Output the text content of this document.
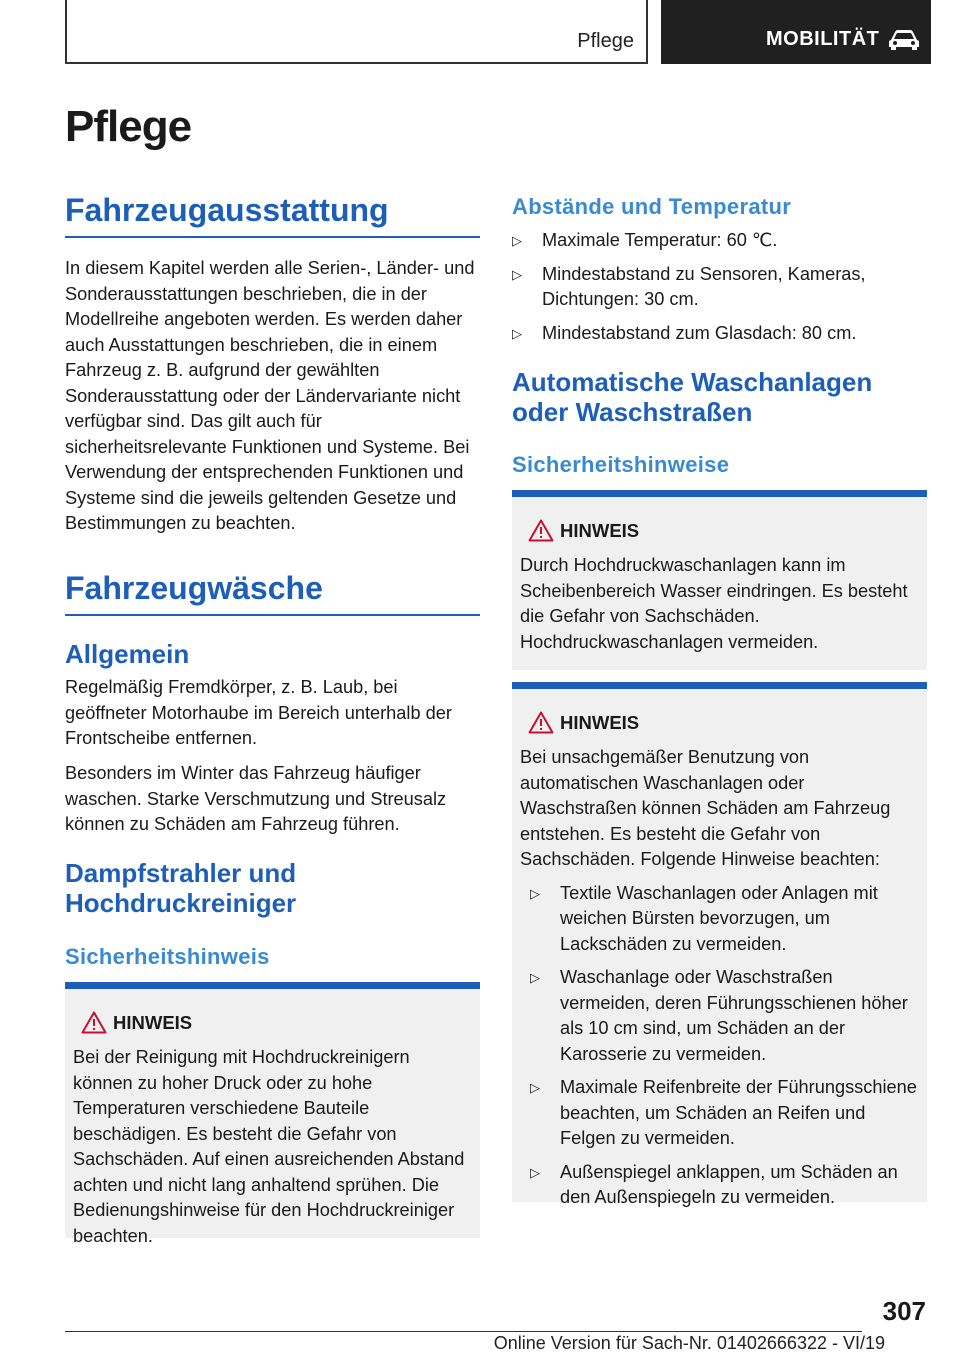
Pflege	MOBILITÄT
Pflege
Fahrzeugausstattung

In diesem Kapitel werden alle Serien-, Länder- und Sonderausstattungen beschrieben, die in der Modellreihe angeboten werden. Es werden daher auch Ausstattungen beschrieben, die in einem Fahrzeug z. B. aufgrund der gewählten Sonderausstattung oder der Ländervariante nicht verfügbar sind. Das gilt auch für sicherheitsrelevante Funktionen und Systeme. Bei Verwendung der entsprechenden Funktionen und Systeme sind die jeweils geltenden Gesetze und Bestimmungen zu beachten.

Fahrzeugwäsche
Allgemein

Regelmäßig Fremdkörper, z. B. Laub, bei geöffneter Motorhaube im Bereich unterhalb der Frontscheibe entfernen.

Besonders im Winter das Fahrzeug häufiger waschen. Starke Verschmutzung und Streusalz können zu Schäden am Fahrzeug führen.

Dampfstrahler und Hochdruckreiniger
Sicherheitshinweis
HINWEIS

Bei der Reinigung mit Hochdruckreinigern können zu hoher Druck oder zu hohe Temperaturen verschiedene Bauteile beschädigen. Es besteht die Gefahr von Sachschäden. Auf einen ausreichenden Abstand achten und nicht lang anhaltend sprühen. Die Bedienungshinweise für den Hochdruckreiniger beachten.

Abstände und Temperatur
▷ Maximale Temperatur: 60 ℃.
▷ Mindestabstand zu Sensoren, Kameras, Dichtungen: 30 cm.
▷ Mindestabstand zum Glasdach: 80 cm.
Automatische Waschanlagen oder Waschstraßen
Sicherheitshinweise
HINWEIS

Durch Hochdruckwaschanlagen kann im Scheibenbereich Wasser eindringen. Es besteht die Gefahr von Sachschäden. Hochdruckwaschanlagen vermeiden.

HINWEIS

Bei unsachgemäßer Benutzung von automatischen Waschanlagen oder Waschstraßen können Schäden am Fahrzeug entstehen. Es besteht die Gefahr von Sachschäden. Folgende Hinweise beachten:

▷ Textile Waschanlagen oder Anlagen mit weichen Bürsten bevorzugen, um Lackschäden zu vermeiden.
▷ Waschanlage oder Waschstraßen vermeiden, deren Führungsschienen höher als 10 cm sind, um Schäden an der Karosserie zu vermeiden.
▷ Maximale Reifenbreite der Führungsschiene beachten, um Schäden an Reifen und Felgen zu vermeiden.
▷ Außenspiegel anklappen, um Schäden an den Außenspiegeln zu vermeiden.
307
Online Version für Sach-Nr. 01402666322 - VI/19
